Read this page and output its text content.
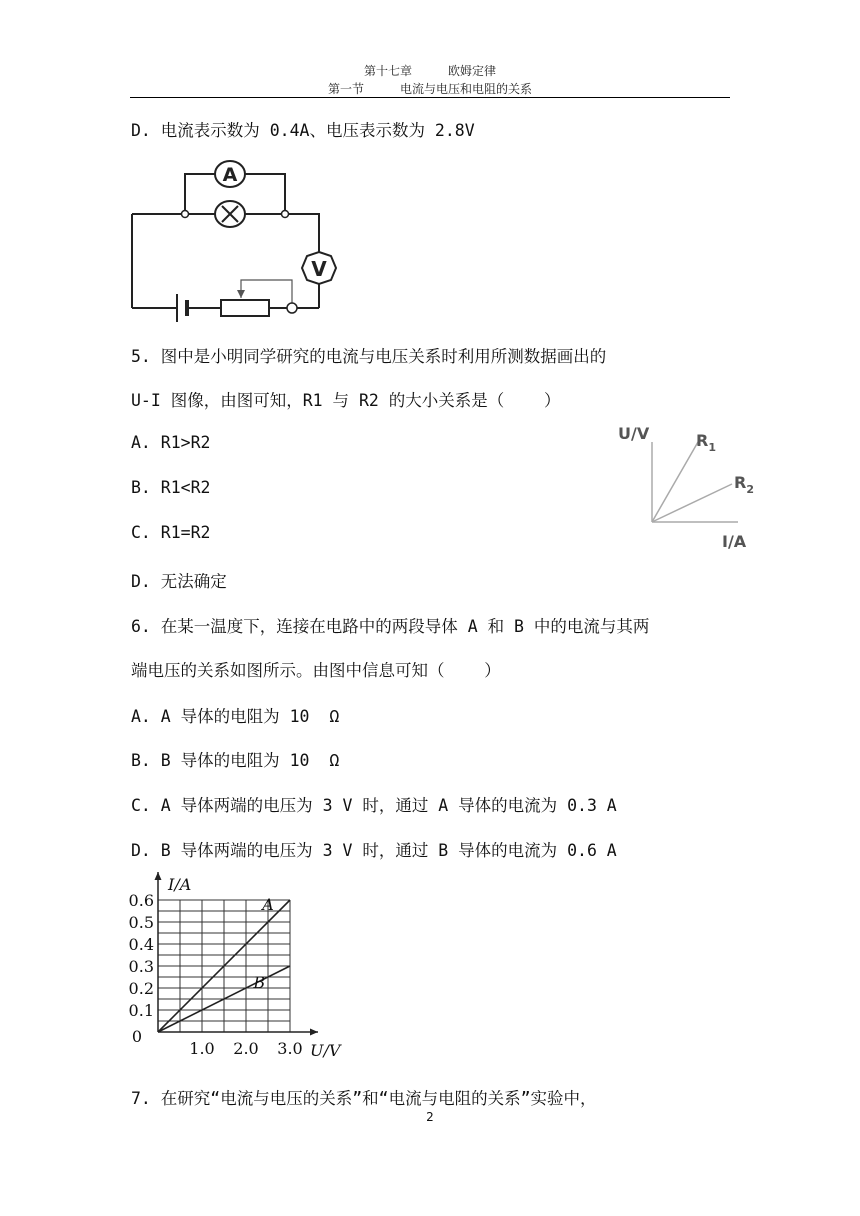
第十七章	欧姆定律
第一节	电流与电压和电阻的关系
D. 电流表示数为 0.4A、电压表示数为 2.8V
A
V
5. 图中是小明同学研究的电流与电压关系时利用所测数据画出的
U-I 图像，由图可知，R1 与 R2 的大小关系是（    ）
A. R1>R2
B. R1<R2
C. R1=R2
D. 无法确定
U/V
I/A
$R_1$
$R_2$
6. 在某一温度下，连接在电路中的两段导体 A 和 B 中的电流与其两
端电压的关系如图所示。由图中信息可知（    ）
A. A 导体的电阻为 10  Ω
B. B 导体的电阻为 10  Ω
C. A 导体两端的电压为 3 V 时，通过 A 导体的电流为 0.3 A
D. B 导体两端的电压为 3 V 时，通过 B 导体的电流为 0.6 A
0.1
0.2
0.3
0.4
0.5
0.6
1.0 2.0 3.0
0
I/A
U/V
A
B
7. 在研究“电流与电压的关系”和“电流与电阻的关系”实验中，
2
